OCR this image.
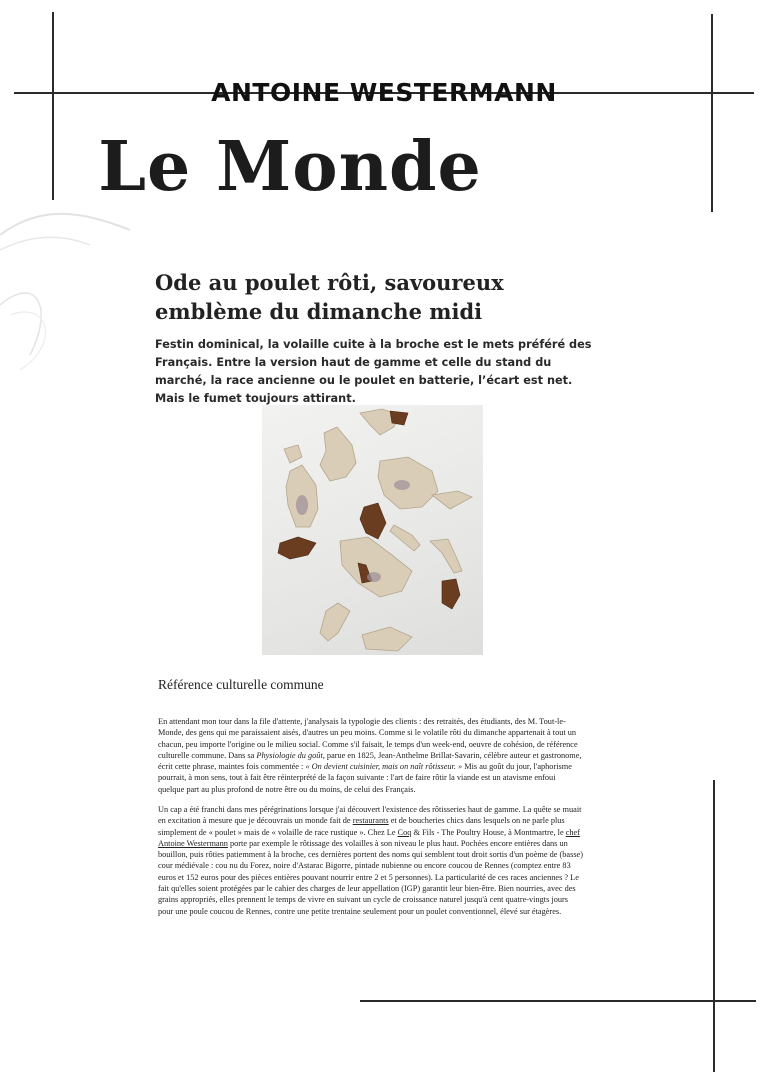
ANTOINE WESTERMANN
Le Monde
Ode au poulet rôti, savoureux emblème du dimanche midi
Festin dominical, la volaille cuite à la broche est le mets préféré des Français. Entre la version haut de gamme et celle du stand du marché, la race ancienne ou le poulet en batterie, l’écart est net. Mais le fumet toujours attirant.
Référence culturelle commune

En attendant mon tour dans la file d'attente, j'analysais la typologie des clients : des retraités, des étudiants, des M. Tout-le-Monde, des gens qui me paraissaient aisés, d'autres un peu moins. Comme si le volatile rôti du dimanche appartenait à tout un chacun, peu importe l'origine ou le milieu social. Comme s'il faisait, le temps d'un week-end, oeuvre de cohésion, de référence culturelle commune. Dans sa Physiologie du goût, parue en 1825, Jean-Anthelme Brillat-Savarin, célèbre auteur et gastronome, écrit cette phrase, maintes fois commentée : « On devient cuisinier, mais on naît rôtisseur. » Mis au goût du jour, l'aphorisme pourrait, à mon sens, tout à fait être réinterprété de la façon suivante : l'art de faire rôtir la viande est un atavisme enfoui quelque part au plus profond de notre être ou du moins, de celui des Français.

Un cap a été franchi dans mes pérégrinations lorsque j'ai découvert l'existence des rôtisseries haut de gamme. La quête se muait en excitation à mesure que je découvrais un monde fait de restaurants et de boucheries chics dans lesquels on ne parle plus simplement de « poulet » mais de « volaille de race rustique ». Chez Le Coq & Fils - The Poultry House, à Montmartre, le chef Antoine Westermann porte par exemple le rôtissage des volailles à son niveau le plus haut. Pochées encore entières dans un bouillon, puis rôties patiemment à la broche, ces dernières portent des noms qui semblent tout droit sortis d'un poème de (basse) cour médiévale : cou nu du Forez, noire d'Astarac Bigorre, pintade nubienne ou encore coucou de Rennes (comptez entre 83 euros et 152 euros pour des pièces entières pouvant nourrir entre 2 et 5 personnes). La particularité de ces races anciennes ? Le fait qu'elles soient protégées par le cahier des charges de leur appellation (IGP) garantit leur bien-être. Bien nourries, avec des grains appropriés, elles prennent le temps de vivre en suivant un cycle de croissance naturel jusqu'à cent quatre-vingts jours pour une poule coucou de Rennes, contre une petite trentaine seulement pour un poulet conventionnel, élevé sur étagères.
